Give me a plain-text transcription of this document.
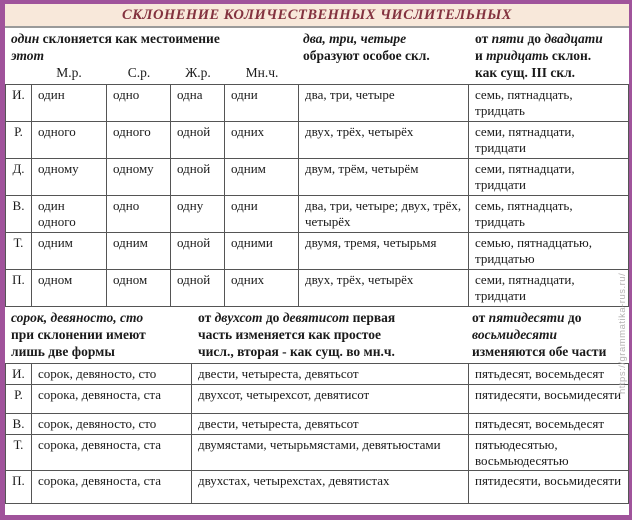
СКЛОНЕНИЕ КОЛИЧЕСТВЕННЫХ ЧИСЛИТЕЛЬНЫХ
один склоняется как местоимение
этот
М.р.	С.р.	Ж.р.	Мн.ч.
два, три, четыре
образуют особое скл.
от пяти до двадцати
и тридцать склон.
как сущ. III скл.
И.	один	одно	одна	одни	два, три, четыре	семь, пятнадцать, тридцать
Р.	одного	одного	одной	одних	двух, трёх, четырёх	семи, пятнадцати, тридцати
Д.	одному	одному	одной	одним	двум, трём, четырём	семи, пятнадцати, тридцати
В.	один одного	одно	одну	одни	два, три, четыре; двух, трёх, четырёх	семь, пятнадцать, тридцать
Т.	одним	одним	одной	одними	двумя, тремя, четырьмя	семью, пятнадцатью, тридцатью
П.	одном	одном	одной	одних	двух, трёх, четырёх	семи, пятнадцати, тридцати
сорок, девяносто, сто
при склонении имеют
лишь две формы
от двухсот до девятисот первая
часть изменяется как простое
числ., вторая - как сущ. во мн.ч.
от пятидесяти до
восьмидесяти
изменяются обе части
И.	сорок, девяносто, сто	двести, четыреста, девятьсот	пятьдесят, восемьдесят
Р.	сорока, девяноста, ста	двухсот, четырехсот, девятисот	пятидесяти, восьмидесяти
В.	сорок, девяносто, сто	двести, четыреста, девятьсот	пятьдесят, восемьдесят
Т.	сорока, девяноста, ста	двумястами, четырьмястами, девятьюстами	пятьюдесятью, восьмьюдесятью
П.	сорока, девяноста, ста	двухстах, четырехстах, девятистах	пятидесяти, восьмидесяти
https://grammatika-rus.ru/
